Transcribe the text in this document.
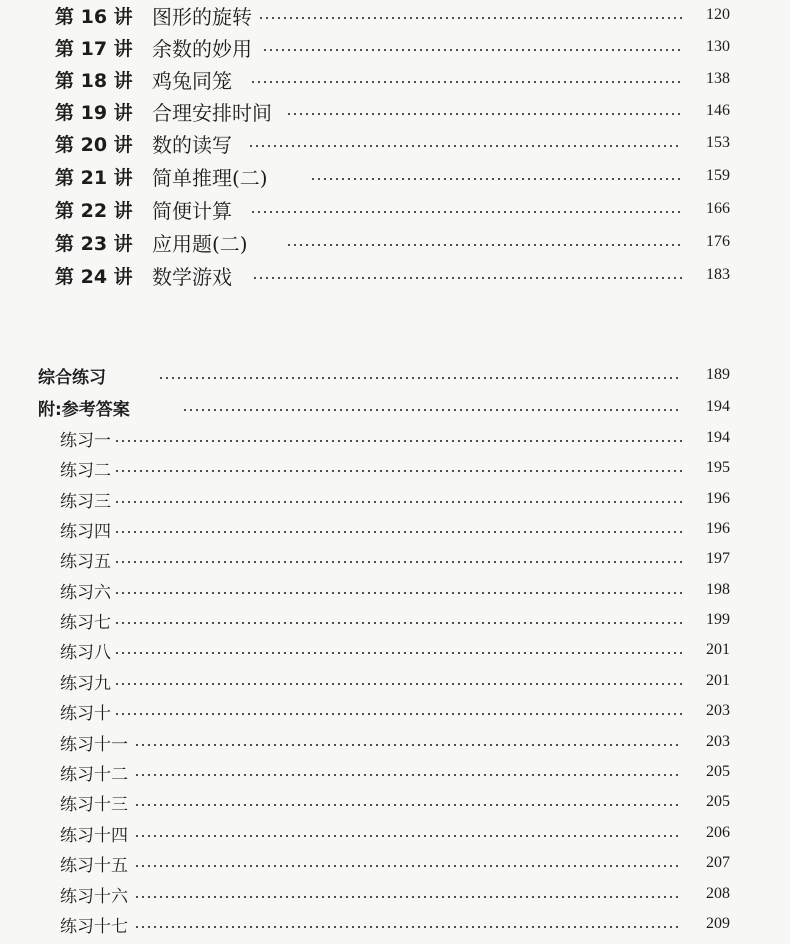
第 16 讲 图形的旋转	120
第 17 讲 余数的妙用	130
第 18 讲 鸡兔同笼	138
第 19 讲 合理安排时间	146
第 20 讲 数的读写	153
第 21 讲 简单推理(二)	159
第 22 讲 简便计算	166
第 23 讲 应用题(二)	176
第 24 讲 数学游戏	183
综合练习	189
附:参考答案	194
练习一	194
练习二	195
练习三	196
练习四	196
练习五	197
练习六	198
练习七	199
练习八	201
练习九	201
练习十	203
练习十一	203
练习十二	205
练习十三	205
练习十四	206
练习十五	207
练习十六	208
练习十七	209
